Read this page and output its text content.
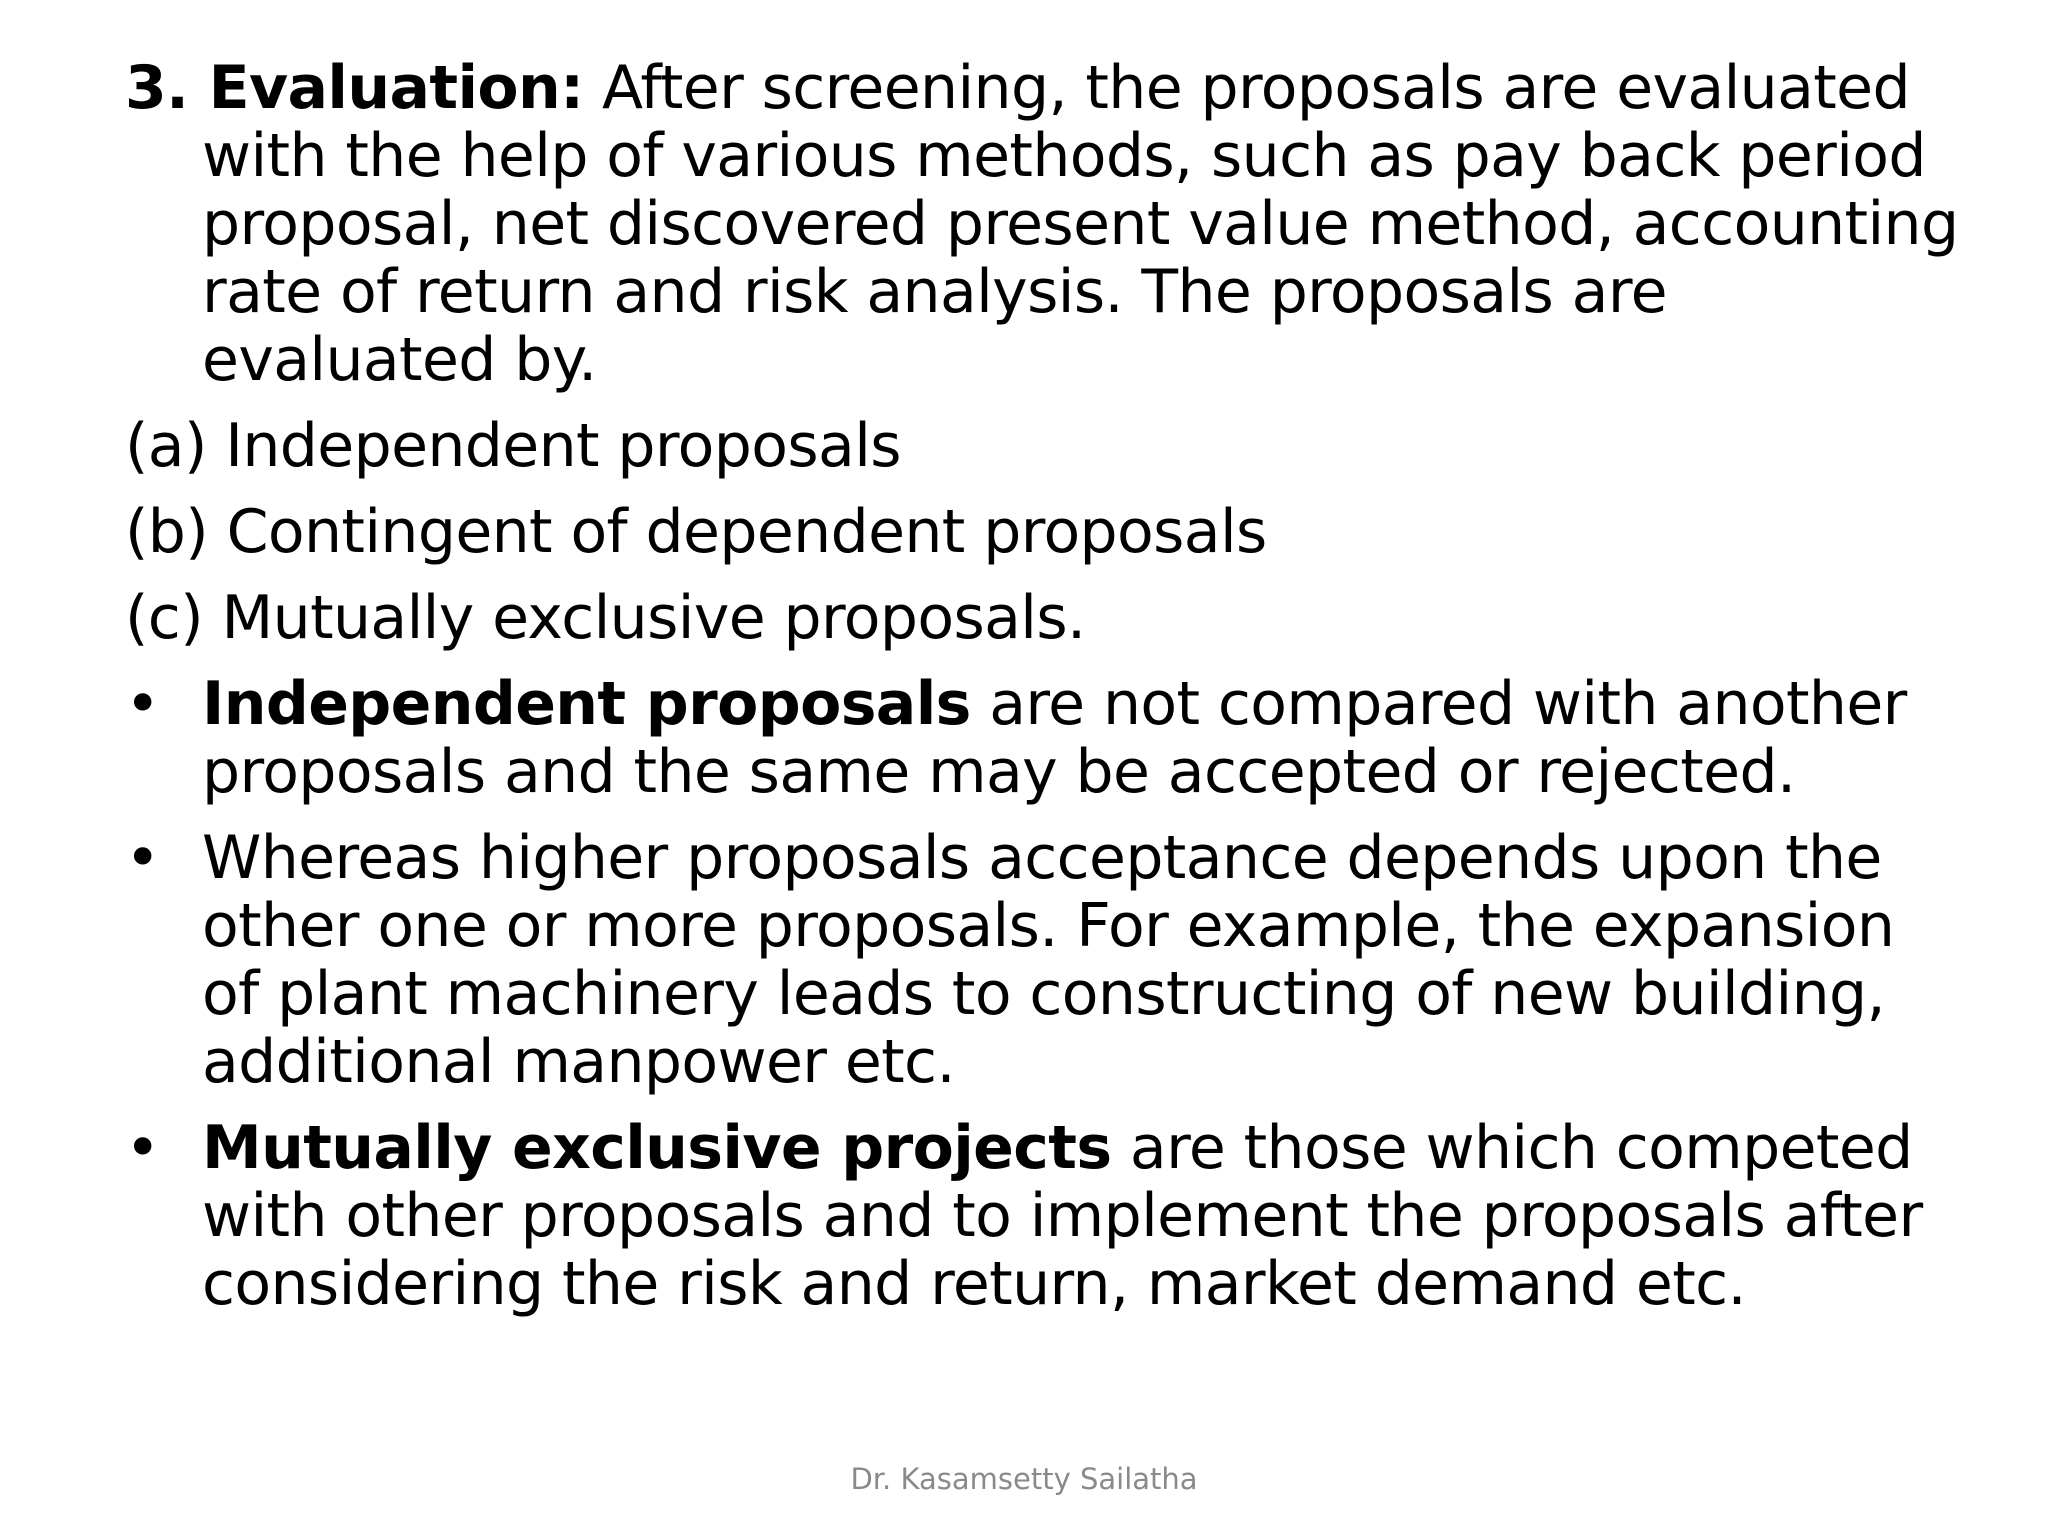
3. Evaluation: After screening, the proposals are evaluated with the help of various methods, such as pay back period proposal, net discovered present value method, accounting rate of return and risk analysis. The proposals are evaluated by.

(a) Independent proposals
(b) Contingent of dependent proposals
(c) Mutually exclusive proposals.
• Independent proposals are not compared with another proposals and the same may be accepted or rejected.
• Whereas higher proposals acceptance depends upon the other one or more proposals. For example, the expansion of plant machinery leads to constructing of new building, additional manpower etc.
• Mutually exclusive projects are those which competed with other proposals and to implement the proposals after considering the risk and return, market demand etc.
Dr. Kasamsetty Sailatha
